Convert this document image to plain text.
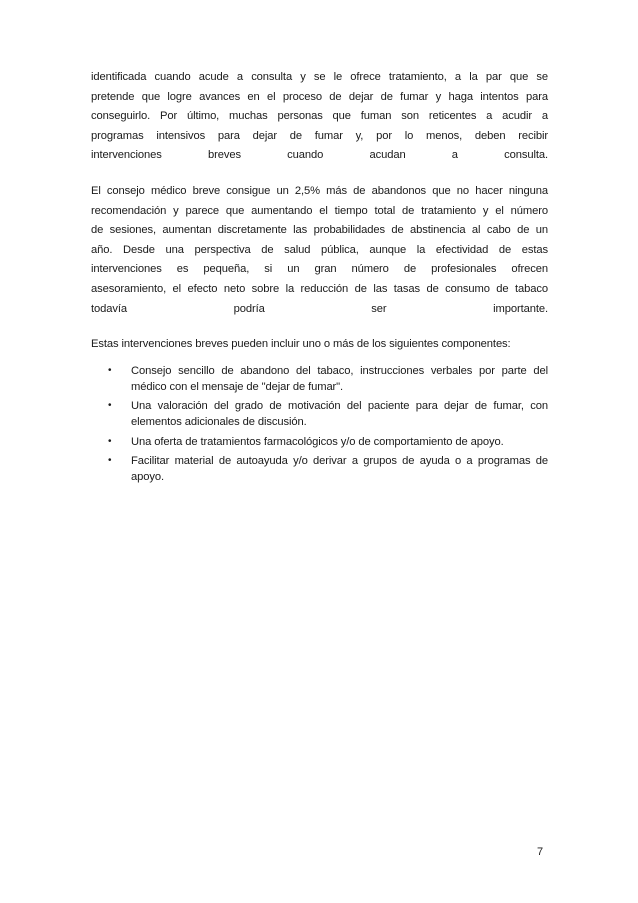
identificada cuando acude a consulta y se le ofrece tratamiento, a la par que se

pretende que logre avances en el proceso de dejar de fumar y haga intentos para

conseguirlo. Por último, muchas personas que fuman son reticentes a acudir a

programas intensivos para dejar de fumar y, por lo menos, deben recibir

intervenciones breves cuando acudan a consulta.

El consejo médico breve consigue un 2,5% más de abandonos que no hacer ninguna

recomendación y parece que aumentando el tiempo total de tratamiento y el número

de sesiones, aumentan discretamente las probabilidades de abstinencia al cabo de un

año. Desde una perspectiva de salud pública, aunque la efectividad de estas

intervenciones es pequeña, si un gran número de profesionales ofrecen

asesoramiento, el efecto neto sobre la reducción de las tasas de consumo de tabaco

todavía podría ser importante.

Estas intervenciones breves pueden incluir uno o más de los siguientes componentes:

• Consejo sencillo de abandono del tabaco, instrucciones verbales por parte del médico con el mensaje de "dejar de fumar".
• Una valoración del grado de motivación del paciente para dejar de fumar, con elementos adicionales de discusión.
• Una oferta de tratamientos farmacológicos y/o de comportamiento de apoyo.
• Facilitar material de autoayuda y/o derivar a grupos de ayuda o a programas de apoyo.
7
